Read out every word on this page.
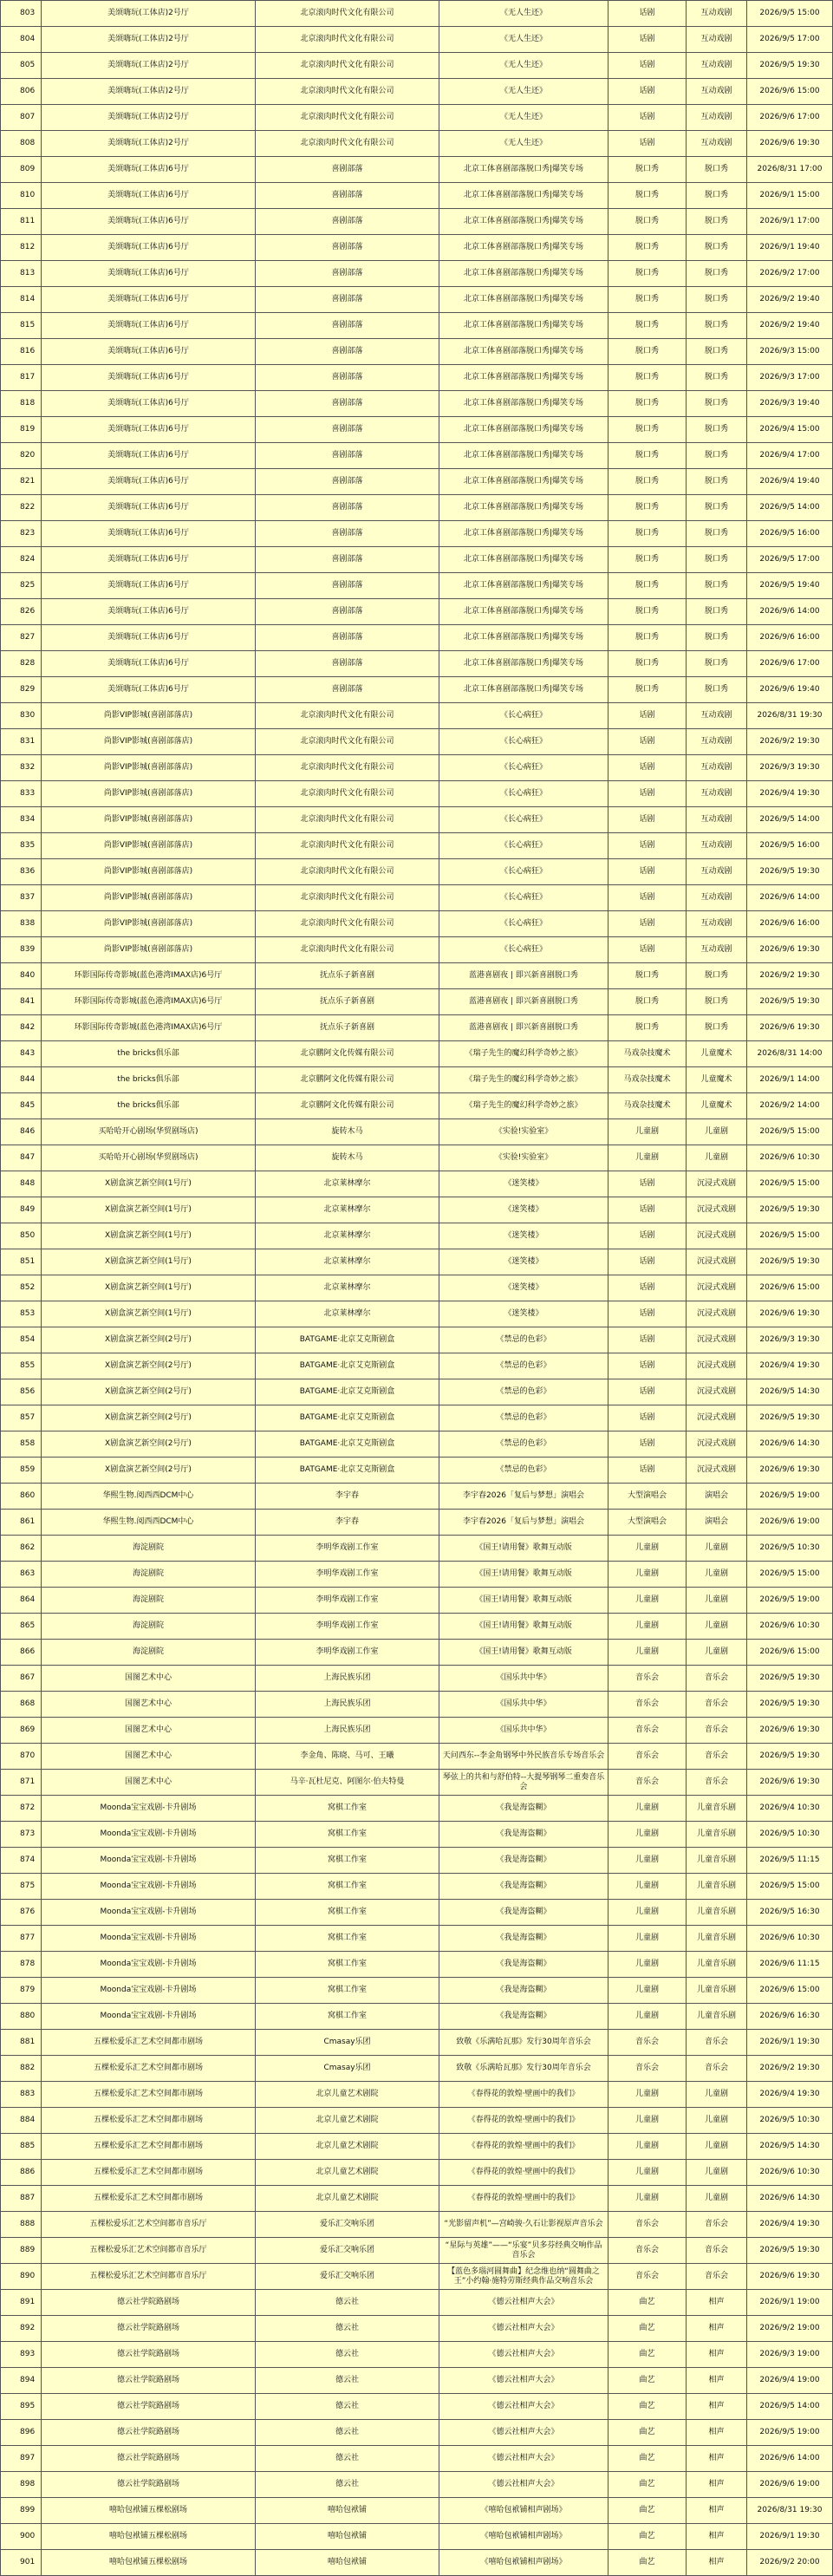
803	美颂嗨玩(工体店)2号厅	北京滚肉时代文化有限公司	《无人生还》	话剧	互动戏剧	2026/9/5 15:00
804	美颂嗨玩(工体店)2号厅	北京滚肉时代文化有限公司	《无人生还》	话剧	互动戏剧	2026/9/5 17:00
805	美颂嗨玩(工体店)2号厅	北京滚肉时代文化有限公司	《无人生还》	话剧	互动戏剧	2026/9/5 19:30
806	美颂嗨玩(工体店)2号厅	北京滚肉时代文化有限公司	《无人生还》	话剧	互动戏剧	2026/9/6 15:00
807	美颂嗨玩(工体店)2号厅	北京滚肉时代文化有限公司	《无人生还》	话剧	互动戏剧	2026/9/6 17:00
808	美颂嗨玩(工体店)2号厅	北京滚肉时代文化有限公司	《无人生还》	话剧	互动戏剧	2026/9/6 19:30
809	美颂嗨玩(工体店)6号厅	喜剧部落	北京工体喜剧部落脱口秀|爆笑专场	脱口秀	脱口秀	2026/8/31 17:00
810	美颂嗨玩(工体店)6号厅	喜剧部落	北京工体喜剧部落脱口秀|爆笑专场	脱口秀	脱口秀	2026/9/1 15:00
811	美颂嗨玩(工体店)6号厅	喜剧部落	北京工体喜剧部落脱口秀|爆笑专场	脱口秀	脱口秀	2026/9/1 17:00
812	美颂嗨玩(工体店)6号厅	喜剧部落	北京工体喜剧部落脱口秀|爆笑专场	脱口秀	脱口秀	2026/9/1 19:40
813	美颂嗨玩(工体店)6号厅	喜剧部落	北京工体喜剧部落脱口秀|爆笑专场	脱口秀	脱口秀	2026/9/2 17:00
814	美颂嗨玩(工体店)6号厅	喜剧部落	北京工体喜剧部落脱口秀|爆笑专场	脱口秀	脱口秀	2026/9/2 19:40
815	美颂嗨玩(工体店)6号厅	喜剧部落	北京工体喜剧部落脱口秀|爆笑专场	脱口秀	脱口秀	2026/9/2 19:40
816	美颂嗨玩(工体店)6号厅	喜剧部落	北京工体喜剧部落脱口秀|爆笑专场	脱口秀	脱口秀	2026/9/3 15:00
817	美颂嗨玩(工体店)6号厅	喜剧部落	北京工体喜剧部落脱口秀|爆笑专场	脱口秀	脱口秀	2026/9/3 17:00
818	美颂嗨玩(工体店)6号厅	喜剧部落	北京工体喜剧部落脱口秀|爆笑专场	脱口秀	脱口秀	2026/9/3 19:40
819	美颂嗨玩(工体店)6号厅	喜剧部落	北京工体喜剧部落脱口秀|爆笑专场	脱口秀	脱口秀	2026/9/4 15:00
820	美颂嗨玩(工体店)6号厅	喜剧部落	北京工体喜剧部落脱口秀|爆笑专场	脱口秀	脱口秀	2026/9/4 17:00
821	美颂嗨玩(工体店)6号厅	喜剧部落	北京工体喜剧部落脱口秀|爆笑专场	脱口秀	脱口秀	2026/9/4 19:40
822	美颂嗨玩(工体店)6号厅	喜剧部落	北京工体喜剧部落脱口秀|爆笑专场	脱口秀	脱口秀	2026/9/5 14:00
823	美颂嗨玩(工体店)6号厅	喜剧部落	北京工体喜剧部落脱口秀|爆笑专场	脱口秀	脱口秀	2026/9/5 16:00
824	美颂嗨玩(工体店)6号厅	喜剧部落	北京工体喜剧部落脱口秀|爆笑专场	脱口秀	脱口秀	2026/9/5 17:00
825	美颂嗨玩(工体店)6号厅	喜剧部落	北京工体喜剧部落脱口秀|爆笑专场	脱口秀	脱口秀	2026/9/5 19:40
826	美颂嗨玩(工体店)6号厅	喜剧部落	北京工体喜剧部落脱口秀|爆笑专场	脱口秀	脱口秀	2026/9/6 14:00
827	美颂嗨玩(工体店)6号厅	喜剧部落	北京工体喜剧部落脱口秀|爆笑专场	脱口秀	脱口秀	2026/9/6 16:00
828	美颂嗨玩(工体店)6号厅	喜剧部落	北京工体喜剧部落脱口秀|爆笑专场	脱口秀	脱口秀	2026/9/6 17:00
829	美颂嗨玩(工体店)6号厅	喜剧部落	北京工体喜剧部落脱口秀|爆笑专场	脱口秀	脱口秀	2026/9/6 19:40
830	尚影VIP影城(喜剧部落店)	北京滚肉时代文化有限公司	《长心病狂》	话剧	互动戏剧	2026/8/31 19:30
831	尚影VIP影城(喜剧部落店)	北京滚肉时代文化有限公司	《长心病狂》	话剧	互动戏剧	2026/9/2 19:30
832	尚影VIP影城(喜剧部落店)	北京滚肉时代文化有限公司	《长心病狂》	话剧	互动戏剧	2026/9/3 19:30
833	尚影VIP影城(喜剧部落店)	北京滚肉时代文化有限公司	《长心病狂》	话剧	互动戏剧	2026/9/4 19:30
834	尚影VIP影城(喜剧部落店)	北京滚肉时代文化有限公司	《长心病狂》	话剧	互动戏剧	2026/9/5 14:00
835	尚影VIP影城(喜剧部落店)	北京滚肉时代文化有限公司	《长心病狂》	话剧	互动戏剧	2026/9/5 16:00
836	尚影VIP影城(喜剧部落店)	北京滚肉时代文化有限公司	《长心病狂》	话剧	互动戏剧	2026/9/5 19:30
837	尚影VIP影城(喜剧部落店)	北京滚肉时代文化有限公司	《长心病狂》	话剧	互动戏剧	2026/9/6 14:00
838	尚影VIP影城(喜剧部落店)	北京滚肉时代文化有限公司	《长心病狂》	话剧	互动戏剧	2026/9/6 16:00
839	尚影VIP影城(喜剧部落店)	北京滚肉时代文化有限公司	《长心病狂》	话剧	互动戏剧	2026/9/6 19:30
840	环影国际传奇影城(蓝色港湾IMAX店)6号厅	抚点乐子新喜剧	蓝港喜剧夜 | 即兴新喜剧脱口秀	脱口秀	脱口秀	2026/9/2 19:30
841	环影国际传奇影城(蓝色港湾IMAX店)6号厅	抚点乐子新喜剧	蓝港喜剧夜 | 即兴新喜剧脱口秀	脱口秀	脱口秀	2026/9/5 19:30
842	环影国际传奇影城(蓝色港湾IMAX店)6号厅	抚点乐子新喜剧	蓝港喜剧夜 | 即兴新喜剧脱口秀	脱口秀	脱口秀	2026/9/6 19:30
843	the bricks俱乐部	北京鹏阿文化传媒有限公司	《瑞子先生的魔幻科学奇妙之旅》	马戏杂技魔术	儿童魔术	2026/8/31 14:00
844	the bricks俱乐部	北京鹏阿文化传媒有限公司	《瑞子先生的魔幻科学奇妙之旅》	马戏杂技魔术	儿童魔术	2026/9/1 14:00
845	the bricks俱乐部	北京鹏阿文化传媒有限公司	《瑞子先生的魔幻科学奇妙之旅》	马戏杂技魔术	儿童魔术	2026/9/2 14:00
846	买哈哈开心剧场(华贸剧场店)	旋转木马	《实验!实验室》	儿童剧	儿童剧	2026/9/5 15:00
847	买哈哈开心剧场(华贸剧场店)	旋转木马	《实验!实验室》	儿童剧	儿童剧	2026/9/6 10:30
848	X剧盒演艺新空间(1号厅)	北京莱林摩尔	《迷笑楼》	话剧	沉浸式戏剧	2026/9/5 15:00
849	X剧盒演艺新空间(1号厅)	北京莱林摩尔	《迷笑楼》	话剧	沉浸式戏剧	2026/9/5 19:30
850	X剧盒演艺新空间(1号厅)	北京莱林摩尔	《迷笑楼》	话剧	沉浸式戏剧	2026/9/5 15:00
851	X剧盒演艺新空间(1号厅)	北京莱林摩尔	《迷笑楼》	话剧	沉浸式戏剧	2026/9/5 19:30
852	X剧盒演艺新空间(1号厅)	北京莱林摩尔	《迷笑楼》	话剧	沉浸式戏剧	2026/9/6 15:00
853	X剧盒演艺新空间(1号厅)	北京莱林摩尔	《迷笑楼》	话剧	沉浸式戏剧	2026/9/6 19:30
854	X剧盒演艺新空间(2号厅)	BATGAME·北京艾克斯剧盒	《禁忌的色彩》	话剧	沉浸式戏剧	2026/9/3 19:30
855	X剧盒演艺新空间(2号厅)	BATGAME·北京艾克斯剧盒	《禁忌的色彩》	话剧	沉浸式戏剧	2026/9/4 19:30
856	X剧盒演艺新空间(2号厅)	BATGAME·北京艾克斯剧盒	《禁忌的色彩》	话剧	沉浸式戏剧	2026/9/5 14:30
857	X剧盒演艺新空间(2号厅)	BATGAME·北京艾克斯剧盒	《禁忌的色彩》	话剧	沉浸式戏剧	2026/9/5 19:30
858	X剧盒演艺新空间(2号厅)	BATGAME·北京艾克斯剧盒	《禁忌的色彩》	话剧	沉浸式戏剧	2026/9/6 14:30
859	X剧盒演艺新空间(2号厅)	BATGAME·北京艾克斯剧盒	《禁忌的色彩》	话剧	沉浸式戏剧	2026/9/6 19:30
860	华熙生物.阅西西DCM中心	李宇春	李宇春2026「复后与梦想」演唱会	大型演唱会	演唱会	2026/9/5 19:00
861	华熙生物.阅西西DCM中心	李宇春	李宇春2026「复后与梦想」演唱会	大型演唱会	演唱会	2026/9/6 19:00
862	海淀剧院	李明华戏剧工作室	《国王!请用餐》歌舞互动版	儿童剧	儿童剧	2026/9/5 10:30
863	海淀剧院	李明华戏剧工作室	《国王!请用餐》歌舞互动版	儿童剧	儿童剧	2026/9/5 15:00
864	海淀剧院	李明华戏剧工作室	《国王!请用餐》歌舞互动版	儿童剧	儿童剧	2026/9/5 19:00
865	海淀剧院	李明华戏剧工作室	《国王!请用餐》歌舞互动版	儿童剧	儿童剧	2026/9/6 10:30
866	海淀剧院	李明华戏剧工作室	《国王!请用餐》歌舞互动版	儿童剧	儿童剧	2026/9/6 15:00
867	国图艺术中心	上海民族乐团	《国乐共中华》	音乐会	音乐会	2026/9/5 19:30
868	国图艺术中心	上海民族乐团	《国乐共中华》	音乐会	音乐会	2026/9/5 19:30
869	国图艺术中心	上海民族乐团	《国乐共中华》	音乐会	音乐会	2026/9/6 19:30
870	国图艺术中心	李金角、陈晓、马可、王曦	天问西东--李金角钢琴中外民族音乐专场音乐会	音乐会	音乐会	2026/9/5 19:30
871	国图艺术中心	马辛·瓦杜尼克、阿图尔·伯夫特曼	琴弦上的共和与舒伯特--大提琴钢琴二重奏音乐会	音乐会	音乐会	2026/9/6 19:30
872	Moonda宝宝戏剧-卡升剧场	窝棋工作室	《我是海盗糊》	儿童剧	儿童音乐剧	2026/9/4 10:30
873	Moonda宝宝戏剧-卡升剧场	窝棋工作室	《我是海盗糊》	儿童剧	儿童音乐剧	2026/9/5 10:30
874	Moonda宝宝戏剧-卡升剧场	窝棋工作室	《我是海盗糊》	儿童剧	儿童音乐剧	2026/9/5 11:15
875	Moonda宝宝戏剧-卡升剧场	窝棋工作室	《我是海盗糊》	儿童剧	儿童音乐剧	2026/9/5 15:00
876	Moonda宝宝戏剧-卡升剧场	窝棋工作室	《我是海盗糊》	儿童剧	儿童音乐剧	2026/9/5 16:30
877	Moonda宝宝戏剧-卡升剧场	窝棋工作室	《我是海盗糊》	儿童剧	儿童音乐剧	2026/9/6 10:30
878	Moonda宝宝戏剧-卡升剧场	窝棋工作室	《我是海盗糊》	儿童剧	儿童音乐剧	2026/9/6 11:15
879	Moonda宝宝戏剧-卡升剧场	窝棋工作室	《我是海盗糊》	儿童剧	儿童音乐剧	2026/9/6 15:00
880	Moonda宝宝戏剧-卡升剧场	窝棋工作室	《我是海盗糊》	儿童剧	儿童音乐剧	2026/9/6 16:30
881	五棵松爱乐汇艺术空间都市剧场	Cmasay乐团	致敬《乐满哈瓦那》发行30周年音乐会	音乐会	音乐会	2026/9/1 19:30
882	五棵松爱乐汇艺术空间都市剧场	Cmasay乐团	致敬《乐满哈瓦那》发行30周年音乐会	音乐会	音乐会	2026/9/2 19:30
883	五棵松爱乐汇艺术空间都市剧场	北京儿童艺术剧院	《春得花的敦煌·壁画中的我们》	儿童剧	儿童剧	2026/9/4 19:30
884	五棵松爱乐汇艺术空间都市剧场	北京儿童艺术剧院	《春得花的敦煌·壁画中的我们》	儿童剧	儿童剧	2026/9/5 10:30
885	五棵松爱乐汇艺术空间都市剧场	北京儿童艺术剧院	《春得花的敦煌·壁画中的我们》	儿童剧	儿童剧	2026/9/5 14:30
886	五棵松爱乐汇艺术空间都市剧场	北京儿童艺术剧院	《春得花的敦煌·壁画中的我们》	儿童剧	儿童剧	2026/9/6 10:30
887	五棵松爱乐汇艺术空间都市剧场	北京儿童艺术剧院	《春得花的敦煌·壁画中的我们》	儿童剧	儿童剧	2026/9/6 14:30
888	五棵松爱乐汇艺术空间都市音乐厅	爱乐汇交响乐团	“光影留声机”—宫崎骏·久石让影视原声音乐会	音乐会	音乐会	2026/9/4 19:30
889	五棵松爱乐汇艺术空间都市音乐厅	爱乐汇交响乐团	“星际与英雄”——“乐宴”贝多芬经典交响作品音乐会	音乐会	音乐会	2026/9/5 19:30
890	五棵松爱乐汇艺术空间都市音乐厅	爱乐汇交响乐团	【蓝色多瑙河圆舞曲】纪念维也纳“圆舞曲之王”小约翰·施特劳斯经典作品交响音乐会	音乐会	音乐会	2026/9/6 19:30
891	德云社学院路剧场	德云社	《德云社相声大会》	曲艺	相声	2026/9/1 19:00
892	德云社学院路剧场	德云社	《德云社相声大会》	曲艺	相声	2026/9/2 19:00
893	德云社学院路剧场	德云社	《德云社相声大会》	曲艺	相声	2026/9/3 19:00
894	德云社学院路剧场	德云社	《德云社相声大会》	曲艺	相声	2026/9/4 19:00
895	德云社学院路剧场	德云社	《德云社相声大会》	曲艺	相声	2026/9/5 14:00
896	德云社学院路剧场	德云社	《德云社相声大会》	曲艺	相声	2026/9/5 19:00
897	德云社学院路剧场	德云社	《德云社相声大会》	曲艺	相声	2026/9/6 14:00
898	德云社学院路剧场	德云社	《德云社相声大会》	曲艺	相声	2026/9/6 19:00
899	嘻哈包袱铺五棵松剧场	嘻哈包袱铺	《嘻哈包袱铺相声剧场》	曲艺	相声	2026/8/31 19:30
900	嘻哈包袱铺五棵松剧场	嘻哈包袱铺	《嘻哈包袱铺相声剧场》	曲艺	相声	2026/9/1 19:30
901	嘻哈包袱铺五棵松剧场	嘻哈包袱铺	《嘻哈包袱铺相声剧场》	曲艺	相声	2026/9/2 20:00
